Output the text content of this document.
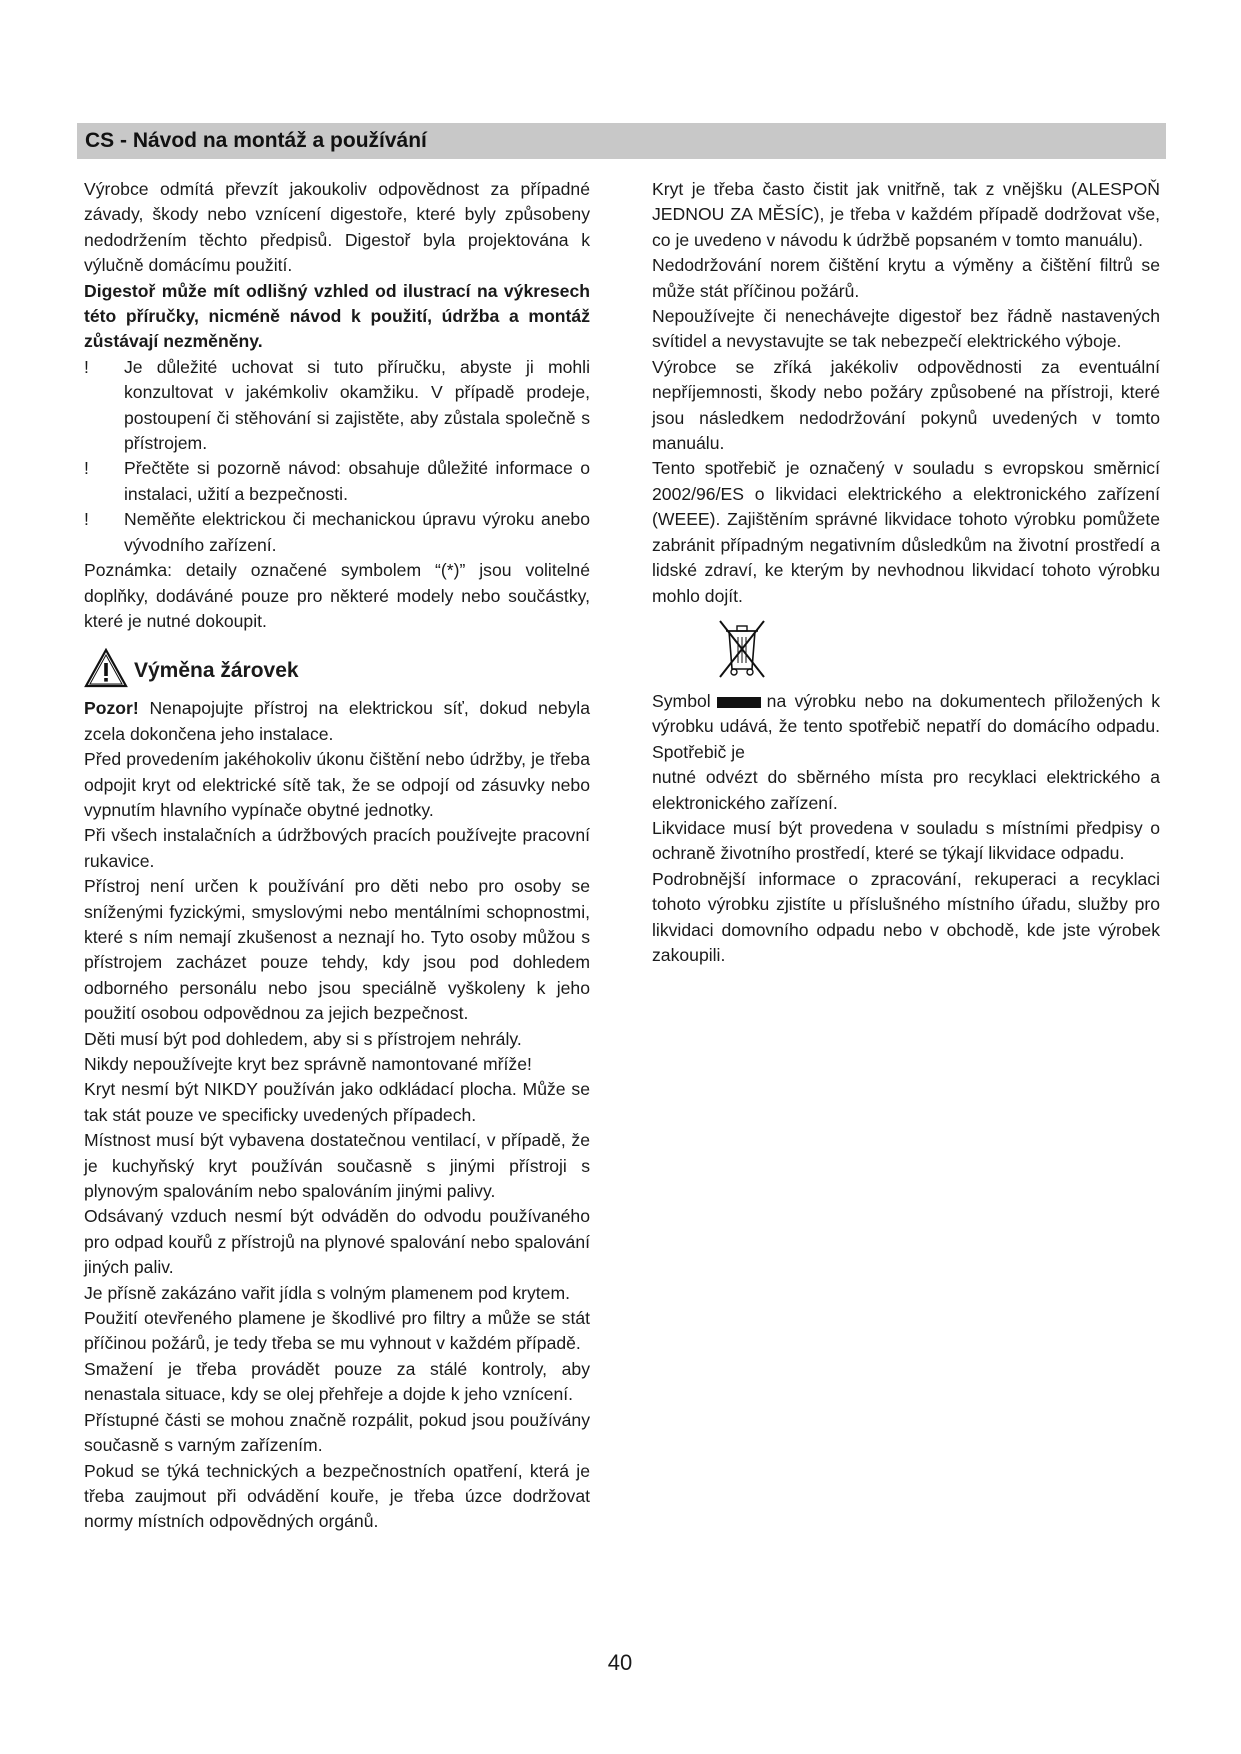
CS - Návod na montáž a používání

Výrobce odmítá převzít jakoukoliv odpovědnost za případné závady, škody nebo vznícení digestoře, které byly způsobeny nedodržením těchto předpisů. Digestoř byla projektována k výlučně domácímu použití.

Digestoř může mít odlišný vzhled od ilustrací na výkresech této příručky, nicméně návod k použití, údržba a montáž zůstávají nezměněny.

! Je důležité uchovat si tuto příručku, abyste ji mohli konzultovat v jakémkoliv okamžiku. V případě prodeje, postoupení či stěhování si zajistěte, aby zůstala společně s přístrojem.
! Přečtěte si pozorně návod: obsahuje důležité informace o instalaci, užití a bezpečnosti.
! Neměňte elektrickou či mechanickou úpravu výroku anebo vývodního zařízení.

Poznámka: detaily označené symbolem “(*)” jsou volitelné doplňky, dodáváné pouze pro některé modely nebo součástky, které je nutné dokoupit.

Výměna žárovek

Pozor! Nenapojujte přístroj na elektrickou síť, dokud nebyla zcela dokončena jeho instalace.

Před provedením jakéhokoliv úkonu čištění nebo údržby, je třeba odpojit kryt od elektrické sítě tak, že se odpojí od zásuvky nebo vypnutím hlavního vypínače obytné jednotky.

Při všech instalačních a údržbových pracích používejte pracovní rukavice.

Přístroj není určen k používání pro děti nebo pro osoby se sníženými fyzickými, smyslovými nebo mentálními schopnostmi, které s ním nemají zkušenost a neznají ho. Tyto osoby můžou s přístrojem zacházet pouze tehdy, kdy jsou pod dohledem odborného personálu nebo jsou speciálně vyškoleny k jeho použití osobou odpovědnou za jejich bezpečnost.

Děti musí být pod dohledem, aby si s přístrojem nehrály.

Nikdy nepoužívejte kryt bez správně namontované mříže!

Kryt nesmí být NIKDY používán jako odkládací plocha. Může se tak stát pouze ve specificky uvedených případech.

Místnost musí být vybavena dostatečnou ventilací, v případě, že je kuchyňský kryt používán současně s jinými přístroji s plynovým spalováním nebo spalováním jinými palivy.

Odsávaný vzduch nesmí být odváděn do odvodu používaného pro odpad kouřů z přístrojů na plynové spalování nebo spalování jiných paliv.

Je přísně zakázáno vařit jídla s volným plamenem pod krytem.

Použití otevřeného plamene je škodlivé pro filtry a může se stát příčinou požárů, je tedy třeba se mu vyhnout v každém případě.

Smažení je třeba provádět pouze za stálé kontroly, aby nenastala situace, kdy se olej přehřeje a dojde k jeho vznícení.

Přístupné části se mohou značně rozpálit, pokud jsou používány současně s varným zařízením.

Pokud se týká technických a bezpečnostních opatření, která je třeba zaujmout při odvádění kouře, je třeba úzce dodržovat normy místních odpovědných orgánů.

Kryt je třeba často čistit jak vnitřně, tak z vnějšku (ALESPOŇ JEDNOU ZA MĚSÍC), je třeba v každém případě dodržovat vše, co je uvedeno v návodu k údržbě popsaném v tomto manuálu).

Nedodržování norem čištění krytu a výměny a čištění filtrů se může stát příčinou požárů.

Nepoužívejte či nenechávejte digestoř bez řádně nastavených svítidel a nevystavujte se tak nebezpečí elektrického výboje.

Výrobce se zříká jakékoliv odpovědnosti za eventuální nepříjemnosti, škody nebo požáry způsobené na přístroji, které jsou následkem nedodržování pokynů uvedených v tomto manuálu.

Tento spotřebič je označený v souladu s evropskou směrnicí 2002/96/ES o likvidaci elektrického a elektronického zařízení (WEEE). Zajištěním správné likvidace tohoto výrobku pomůžete zabránit případným negativním důsledkům na životní prostředí a lidské zdraví, ke kterým by nevhodnou likvidací tohoto výrobku mohlo dojít.

Symbol	na výrobku nebo na dokumentech přiložených k výrobku udává, že tento spotřebič nepatří do domácího odpadu. Spotřebič je

nutné odvézt do sběrného místa pro recyklaci elektrického a elektronického zařízení.

Likvidace musí být provedena v souladu s místními předpisy o ochraně životního prostředí, které se týkají likvidace odpadu.

Podrobnější informace o zpracování, rekuperaci a recyklaci tohoto výrobku zjistíte u příslušného místního úřadu, služby pro likvidaci domovního odpadu nebo v obchodě, kde jste výrobek zakoupili.

40
